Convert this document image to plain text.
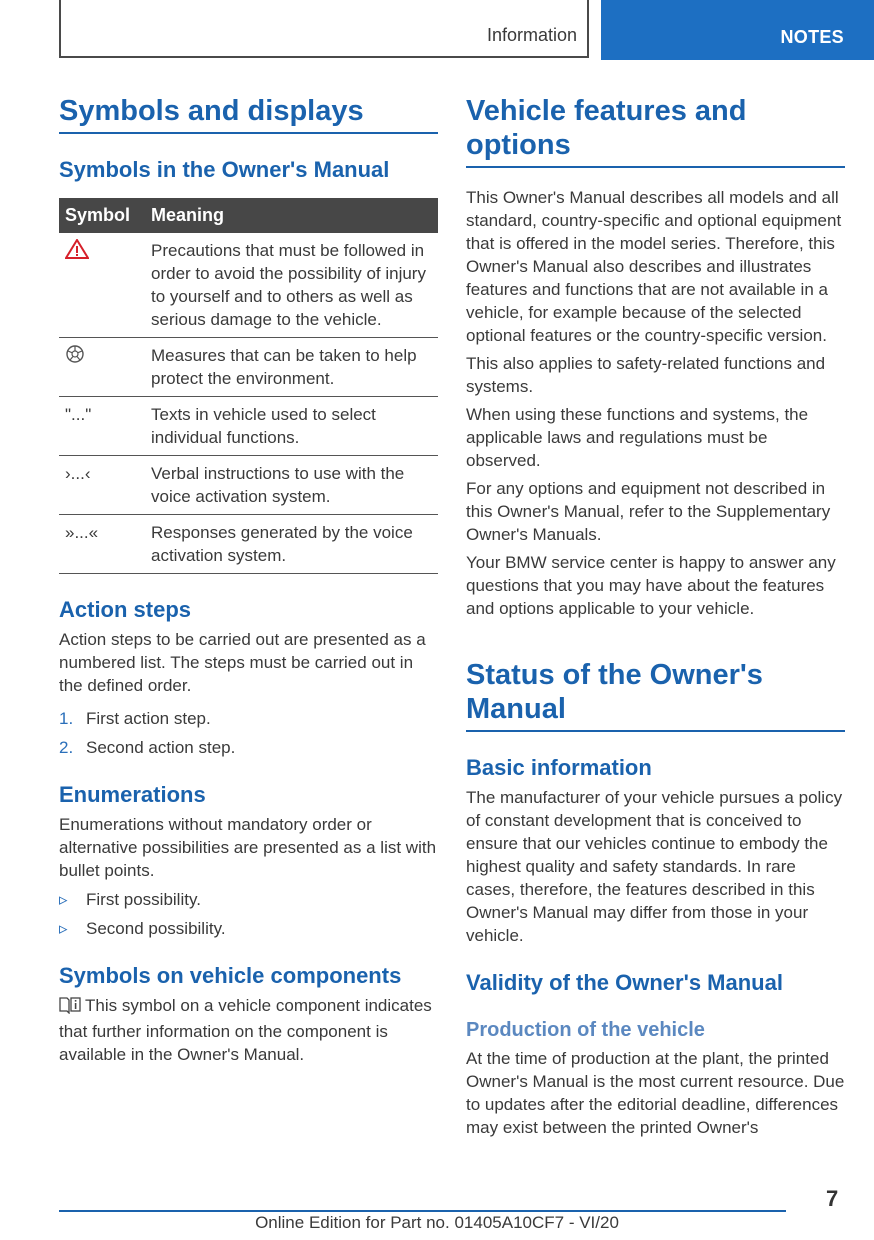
Information	NOTES
Symbols and displays
Symbols in the Owner's Manual
Symbol	Meaning
	Precautions that must be followed in order to avoid the possibility of injury to yourself and to others as well as serious damage to the vehicle.
	Measures that can be taken to help protect the environment.
"..."	Texts in vehicle used to select individual functions.
›...‹	Verbal instructions to use with the voice activation system.
»...«	Responses generated by the voice activation system.
Action steps

Action steps to be carried out are presented as a numbered list. The steps must be carried out in the defined order.

1. First action step.
2. Second action step.
Enumerations

Enumerations without mandatory order or alternative possibilities are presented as a list with bullet points.

▹ First possibility.
▹ Second possibility.
Symbols on vehicle components

This symbol on a vehicle component indicates that further information on the component is available in the Owner's Manual.

Vehicle features and options

This Owner's Manual describes all models and all standard, country-specific and optional equipment that is offered in the model series. Therefore, this Owner's Manual also describes and illustrates features and functions that are not available in a vehicle, for example because of the selected optional features or the country-specific version.

This also applies to safety-related functions and systems.

When using these functions and systems, the applicable laws and regulations must be observed.

For any options and equipment not described in this Owner's Manual, refer to the Supplementary Owner's Manuals.

Your BMW service center is happy to answer any questions that you may have about the features and options applicable to your vehicle.

Status of the Owner's Manual
Basic information

The manufacturer of your vehicle pursues a policy of constant development that is conceived to ensure that our vehicles continue to embody the highest quality and safety standards. In rare cases, therefore, the features described in this Owner's Manual may differ from those in your vehicle.

Validity of the Owner's Manual
Production of the vehicle

At the time of production at the plant, the printed Owner's Manual is the most current resource. Due to updates after the editorial deadline, differences may exist between the printed Owner's

7
Online Edition for Part no. 01405A10CF7 - VI/20
